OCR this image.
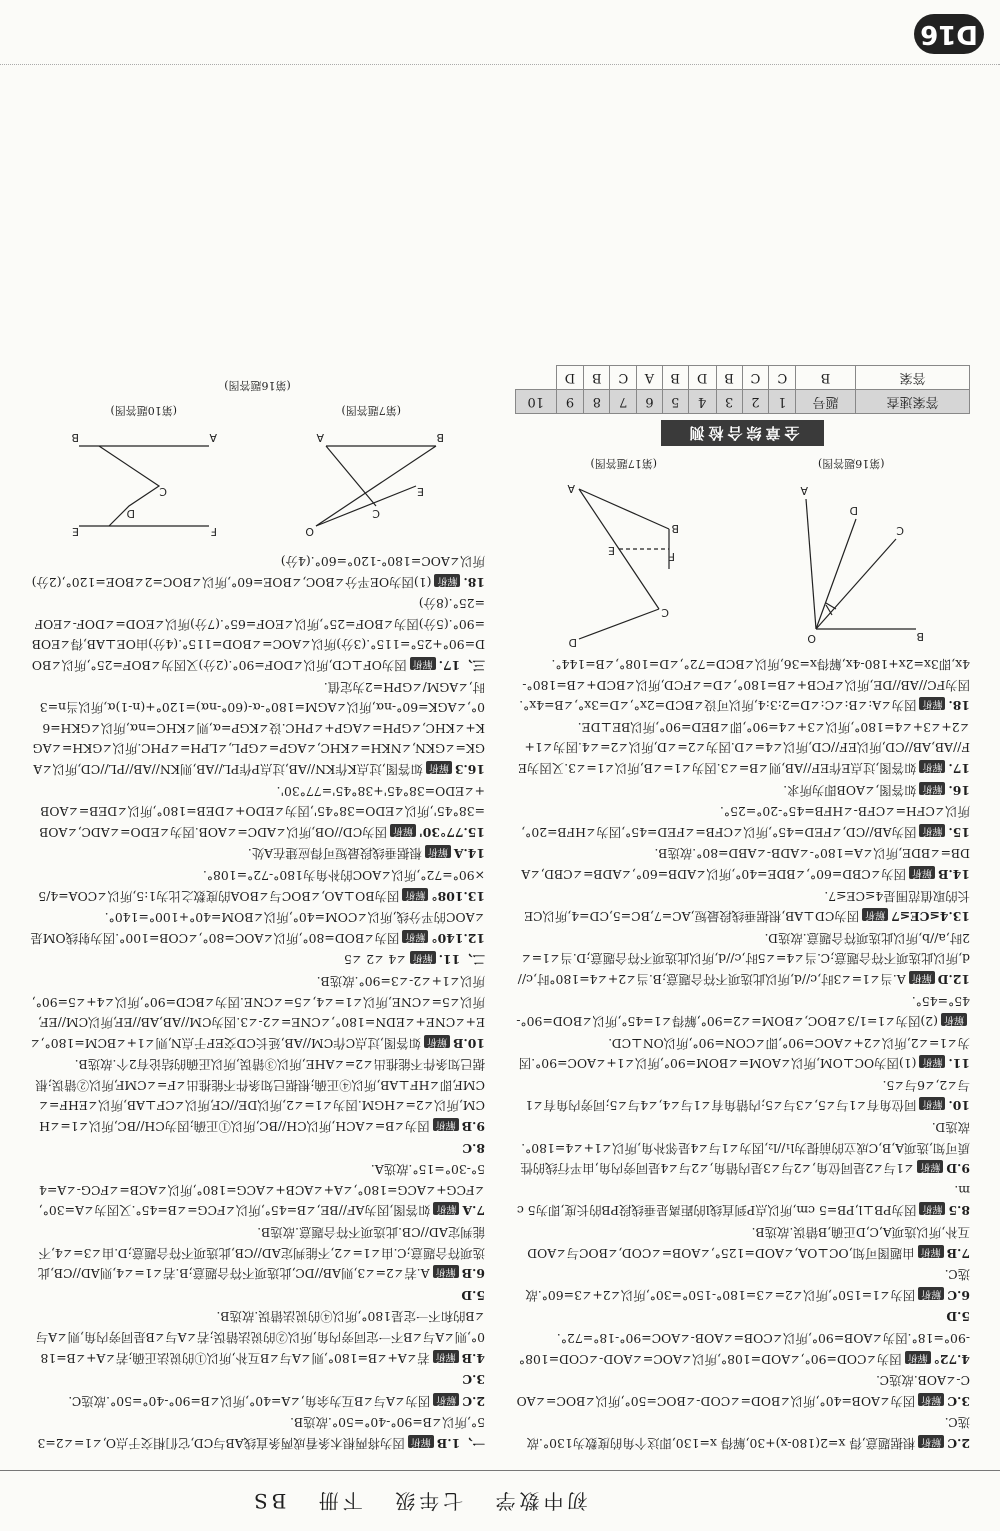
初中数学 七年级 下册 BS

2.C解析根据题意,得 x=2(180-x)+30,解得 x=130,即这个角的度数为130°.故选C.

3.C解析因为∠AOB=40°,所以∠BOD=∠COD-∠BOC=50°,所以∠BOC=∠AOC-∠AOB.故选C.

4.72°解析因为∠COD=90°,∠AOD=108°,所以∠AOC=∠AOD-∠COD=108°-90°=18°.因为∠AOB=90°,所以∠COB=∠AOB-∠AOC=90°-18°=72°.

5.D

6.C解析因为∠1=150°,所以∠2=∠3=180°-150°=30°,所以∠2+∠3=60°.故选C.

7.B解析由题图可知,OC⊥OA,∠AOD=125°,∠AOB=∠COD,∠BOC与∠AOD互补,所以选项A,C,D正确,B错误.故选B.

8.5解析因为PB⊥l,PB=5 cm,所以点P到直线l的距离是垂线段PB的长度,即为5 cm.

9.D解析∠1与∠2是同位角,∠2与∠3是内错角,∠2与∠4是同旁内角,由平行线的性质可知,选项A,B,C成立的前提为l₁//l₂,因为∠1与∠4是邻补角,所以∠1+∠4=180°.故选D.

10.解析同位角有∠1与∠5,∠3与∠5;内错角有∠1与∠4,∠4与∠5;同旁内角有∠1与∠2,∠6与∠5.

11.解析(1)因为OC⊥OM,所以∠AOM=∠BOM=90°,所以∠1+∠AOC=90°.因为∠1=∠2,所以∠2+∠AOC=90°,即∠CON=90°,所以ON⊥CD.

解析(2)因为∠1=1/3∠BOC,∠BOM=∠2=90°,解得∠1=45°,所以∠BOD=90°-45°=45°.

12.D解析A.当∠1=∠3时,c//d,所以此选项不符合题意;B.当∠2+∠4=180°时,c//d,所以此选项不符合题意;C.当∠4=∠5时,c//d,所以此选项不符合题意;D.当∠1=∠2时,a//b,所以此选项符合题意.故选D.

13.4≤CE≤7解析因为CD⊥AB,根据垂线段最短,AC=7,BC=5,CD=4,所以CE长的取值范围是4≤CE≤7.

14.B解析因为∠CBD=60°,∠BDE=40°,所以∠ADB=60°,∠ADB=∠CBD,∠ADB=∠BDE,所以∠A=180°-∠ADB-∠ABD=80°.故选B.

15.解析因为AB//CD,∠FED=45°,所以∠CFB=∠FED=45°,因为∠HFB=20°,所以∠CFH=∠CFB-∠HFB=45°-20°=25°.

16.解析如答图,∠AOB即为所求.

17.解析如答图,过点E作EF//AB,则∠B=∠3.因为∠1=∠B,所以∠1=∠3.又因为EF//AB,AB//CD,所以EF//CD,所以∠4=∠D.因为∠2=∠D,所以∠2=∠4.因为∠1+∠2+∠3+∠4=180°,所以∠3+∠4=90°,即∠BED=90°,所以BE⊥DE.

18.解析因为∠A:∠B:∠C:∠D=2:3:4,所以可设∠BCD=2x°,∠D=3x°,∠B=4x°.因为FC//AB//DE,所以∠FCB+∠B=180°,∠D=∠FCD,所以∠BCD+∠B=180°-4x,即3x=2x+180-4x,解得x=36,所以∠BCD=72°,∠D=108°,∠B=144°.

B
O
A
D
C
(第16题答图)
D
C
A
B
E	F
(第17题答图)
全章综合检测
答案速查	题号	1	2	3	4	5	6	7	8	9	10
答案	B	C	C	B	D	B	A	C	B	D	

一、1.B解析因为将两根木条看成两条直线AB与CD,它们相交于点O,∠1=∠2=35°,所以∠B=90°-40°=50°.故选B.

2.C解析因为∠A与∠B互为余角,∠A=40°,所以∠B=90°-40°=50°.故选C.

3.C

4.B解析若∠A+∠B=180°,则∠A与∠B互补,所以①的说法正确;若∠A+∠B=180°,则∠A与∠B不一定同旁内角,所以②的说法错误;若∠A与∠B是同旁内角,则∠A与∠B的和不一定是180°,所以④的说法错误.故选B.

5.D

6.B解析A.若∠2=∠3,则AB//DC,此选项不符合题意;B.若∠1=∠4,则AD//CB,此选项符合题意;C.由∠1=∠2,不能判定AD//CB,此选项不符合题意;D.由∠3=∠4,不能判定AD//CB.此选项不符合题意.故选B.

7.A解析如答图,因为AF//BE,∠B=45°,所以∠FCG=∠B=45°.又因为∠A=30°,∠FCG+∠ACG=180°,∠A+∠ACB+∠ACG=180°,所以∠ACB=∠FCG-∠A=45°-30°=15°.故选A.

8.C

9.B解析因为∠B=∠ACH,所以CH//BC,所以①正确;因为CH//BC,所以∠1=∠HCM,所以∠2=∠HGM.因为∠1=∠2,所以DE//CF,所以∠CF⊥AB,所以∠EHF=∠CMF,即∠HF⊥AB,所以④正确;根据已知条件不能推出∠F=∠CMF,所以②错误;根据已知条件不能推出∠2=∠AHE,所以③错误,所以正确的结论有2个.故选B.

10.B解析如答图,过点C作CM//AB,延长CD交EF于点N,则∠1+∠BCM=180°,∠E+∠CNE+∠EDN=180°,∠CNE=∠2-∠3.因为CM//AB,AB//EF,所以CM//EF,所以∠5=∠CNE,所以∠1=∠4,∠5=∠CNE.因为∠BCD=90°,所以∠4+∠5=90°,所以∠1+∠2-∠3=90°.故选B.

二、11.解析∠4 ∠2 ∠5

12.140°解析因为∠BOD=80°,所以∠AOC=80°,∠COB=100°.因为射线OM是∠AOC的平分线,所以∠COM=40°,所以∠BOM=40°+100°=140°.

13.108°解析因为BO⊥AO,∠BOC与∠BOA的度数之比为1:5,所以∠COA=4/5×90°=72°,所以∠AOC的补角为180°-72°=108°.

14.A解析根据垂线段最短可得应建在A处.

15.77°30'解析因为CD//OB,所以∠ADC=∠AOB.因为∠EDO=∠ADC,∠AOB=38°45',所以∠EDO=38°45',因为∠EDO+∠DEB=180°,所以∠DEB=∠AOB+∠EDO=38°45'+38°45'=77°30'.

16.3解析如答图,过点K作KN//AB,过点P作PL//AB,则KN//AB//PL//CD,所以∠AGK=∠GKN,∠NKH=∠KHC,∠AGP=∠GPL,∠LPH=∠PHC.所以∠GKH=∠AGK+∠KHC,∠GPH=∠AGP+∠PHC.设∠KGP=α,则∠KHC=nα,所以∠GKH=60°,∠AGK=60°-nα,所以∠AGM=180°-α-(60°-nα)=120°+(n-1)α,所以当n=3时,∠AGM/∠GPH=2为定值.

三、17.解析因为OF⊥CD,所以∠DOF=90°.(2分)又因为∠BOF=25°,所以∠BOD=90°+25°=115°.(3分)所以∠AOC=∠BOD=115°.(4分)由OE⊥AB,得∠EOB=90°.(5分)因为∠BOF=25°,所以∠EOF=65°.(7分)所以∠EOD=∠DOF-∠EOF=25°.(8分)

18.解析(1)因为OE平分∠BOC,∠BOE=60°,所以∠BOC=2∠BOE=120°,(2分)所以∠AOC=180°-120°=60°.(4分)

B
O
E
A
C
(第7题答图)
F
E
A
B
C
D
(第10题答图)
(第16题答图)
D16
